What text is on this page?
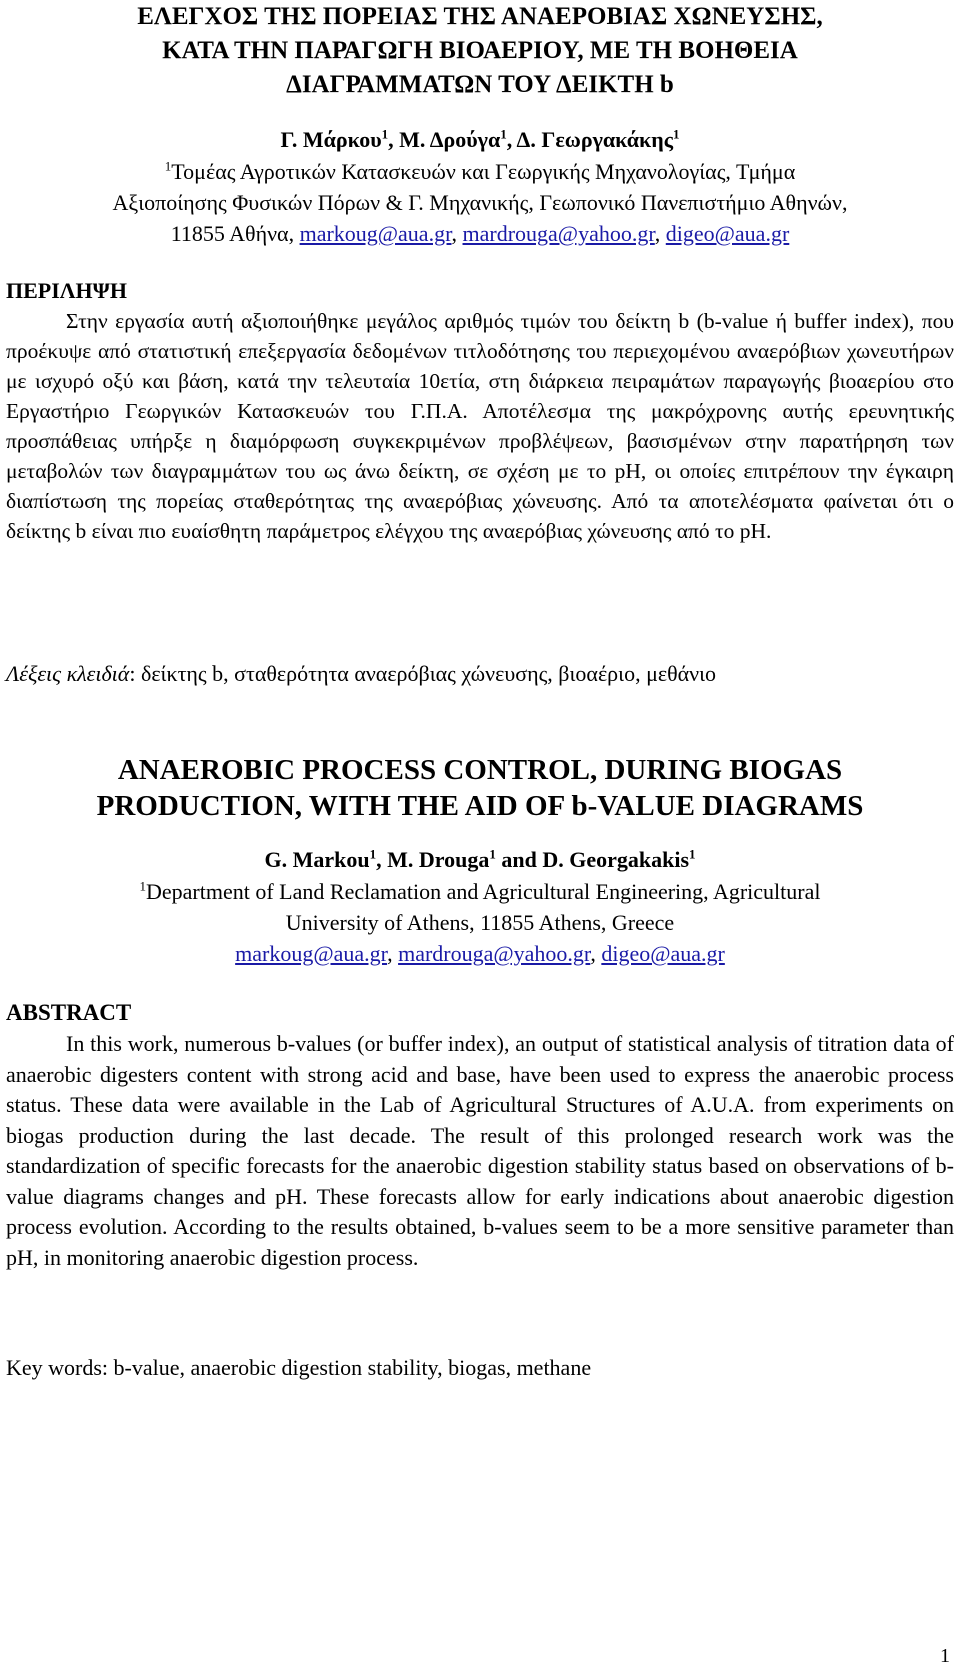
ΕΛΕΓΧΟΣ ΤΗΣ ΠΟΡΕΙΑΣ ΤΗΣ ΑΝΑΕΡΟΒΙΑΣ ΧΩΝΕΥΣΗΣ,
ΚΑΤΑ ΤΗΝ ΠΑΡΑΓΩΓΗ ΒΙΟΑΕΡΙΟΥ, ΜΕ ΤΗ ΒΟΗΘΕΙΑ
ΔΙΑΓΡΑΜΜΑΤΩΝ ΤΟΥ ΔΕΙΚΤΗ b
Γ. Μάρκου$^1$, Μ. Δρούγα$^1$, Δ. Γεωργακάκης$^1$
$^1$Τομέας Αγροτικών Κατασκευών και Γεωργικής Μηχανολογίας, Τμήμα
Αξιοποίησης Φυσικών Πόρων & Γ. Μηχανικής, Γεωπονικό Πανεπιστήμιο Αθηνών,
11855 Αθήνα, markoug@aua.gr, mardrouga@yahoo.gr, digeo@aua.gr
ΠΕΡΙΛΗΨΗ
Στην εργασία αυτή αξιοποιήθηκε μεγάλος αριθμός τιμών του δείκτη b (b-value ή buffer index), που προέκυψε από στατιστική επεξεργασία δεδομένων τιτλοδότησης του περιεχομένου αναερόβιων χωνευτήρων με ισχυρό οξύ και βάση, κατά την τελευταία 10ετία, στη διάρκεια πειραμάτων παραγωγής βιοαερίου στο Εργαστήριο Γεωργικών Κατασκευών του Γ.Π.Α. Αποτέλεσμα της μακρόχρονης αυτής ερευνητικής προσπάθειας υπήρξε η διαμόρφωση συγκεκριμένων προβλέψεων, βασισμένων στην παρατήρηση των μεταβολών των διαγραμμάτων του ως άνω δείκτη, σε σχέση με το pH, οι οποίες επιτρέπουν την έγκαιρη διαπίστωση της πορείας σταθερότητας της αναερόβιας χώνευσης. Από τα αποτελέσματα φαίνεται ότι ο δείκτης b είναι πιο ευαίσθητη παράμετρος ελέγχου της αναερόβιας χώνευσης από το pH.
Λέξεις κλειδιά: δείκτης b, σταθερότητα αναερόβιας χώνευσης, βιοαέριο, μεθάνιο
ANAEROBIC PROCESS CONTROL, DURING BIOGAS
PRODUCTION, WITH THE AID OF b-VALUE DIAGRAMS
G. Markou$^1$, M. Drouga$^1$ and D. Georgakakis$^1$
$^1$Department of Land Reclamation and Agricultural Engineering, Agricultural
University of Athens, 11855 Athens, Greece
markoug@aua.gr, mardrouga@yahoo.gr, digeo@aua.gr
ABSTRACT
In this work, numerous b-values (or buffer index), an output of statistical analysis of titration data of anaerobic digesters content with strong acid and base, have been used to express the anaerobic process status. These data were available in the Lab of Agricultural Structures of A.U.A. from experiments on biogas production during the last decade. The result of this prolonged research work was the standardization of specific forecasts for the anaerobic digestion stability status based on observations of b-value diagrams changes and pH. These forecasts allow for early indications about anaerobic digestion process evolution. According to the results obtained, b-values seem to be a more sensitive parameter than pH, in monitoring anaerobic digestion process.
Key words: b-value, anaerobic digestion stability, biogas, methane
1
